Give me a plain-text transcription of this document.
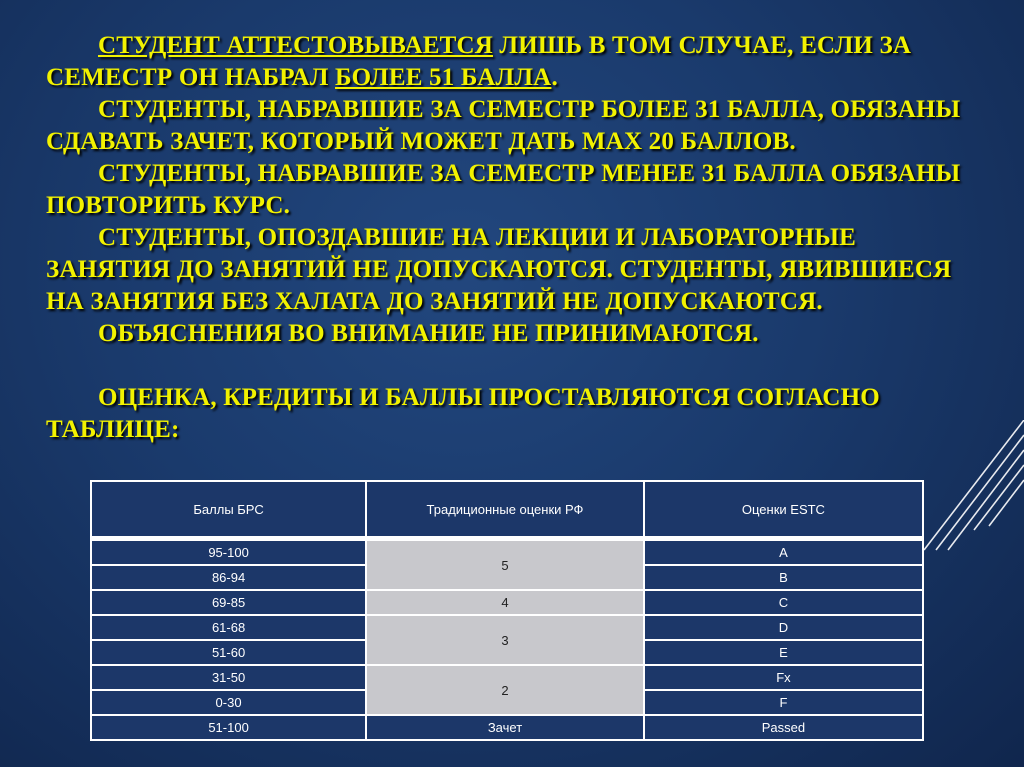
СТУДЕНТ АТТЕСТОВЫВАЕТСЯ ЛИШЬ В ТОМ СЛУЧАЕ, ЕСЛИ ЗА СЕМЕСТР ОН НАБРАЛ БОЛЕЕ 51 БАЛЛА.

СТУДЕНТЫ, НАБРАВШИЕ ЗА СЕМЕСТР БОЛЕЕ 31 БАЛЛА, ОБЯЗАНЫ СДАВАТЬ ЗАЧЕТ, КОТОРЫЙ МОЖЕТ ДАТЬ MAX 20 БАЛЛОВ.

СТУДЕНТЫ, НАБРАВШИЕ ЗА СЕМЕСТР МЕНЕЕ 31 БАЛЛА ОБЯЗАНЫ ПОВТОРИТЬ КУРС.

СТУДЕНТЫ, ОПОЗДАВШИЕ НА ЛЕКЦИИ И ЛАБОРАТОРНЫЕ ЗАНЯТИЯ ДО ЗАНЯТИЙ НЕ ДОПУСКАЮТСЯ. СТУДЕНТЫ, ЯВИВШИЕСЯ НА ЗАНЯТИЯ БЕЗ ХАЛАТА ДО ЗАНЯТИЙ НЕ ДОПУСКАЮТСЯ.

ОБЪЯСНЕНИЯ ВО ВНИМАНИЕ НЕ ПРИНИМАЮТСЯ.

ОЦЕНКА, КРЕДИТЫ И БАЛЛЫ ПРОСТАВЛЯЮТСЯ СОГЛАСНО ТАБЛИЦЕ:

Баллы БРС	Традиционные оценки РФ	Оценки ESTC
95-100	5	A
86-94		B
69-85	4	C
61-68	3	D
51-60		E
31-50	2	Fx
0-30		F
51-100	Зачет	Passed
